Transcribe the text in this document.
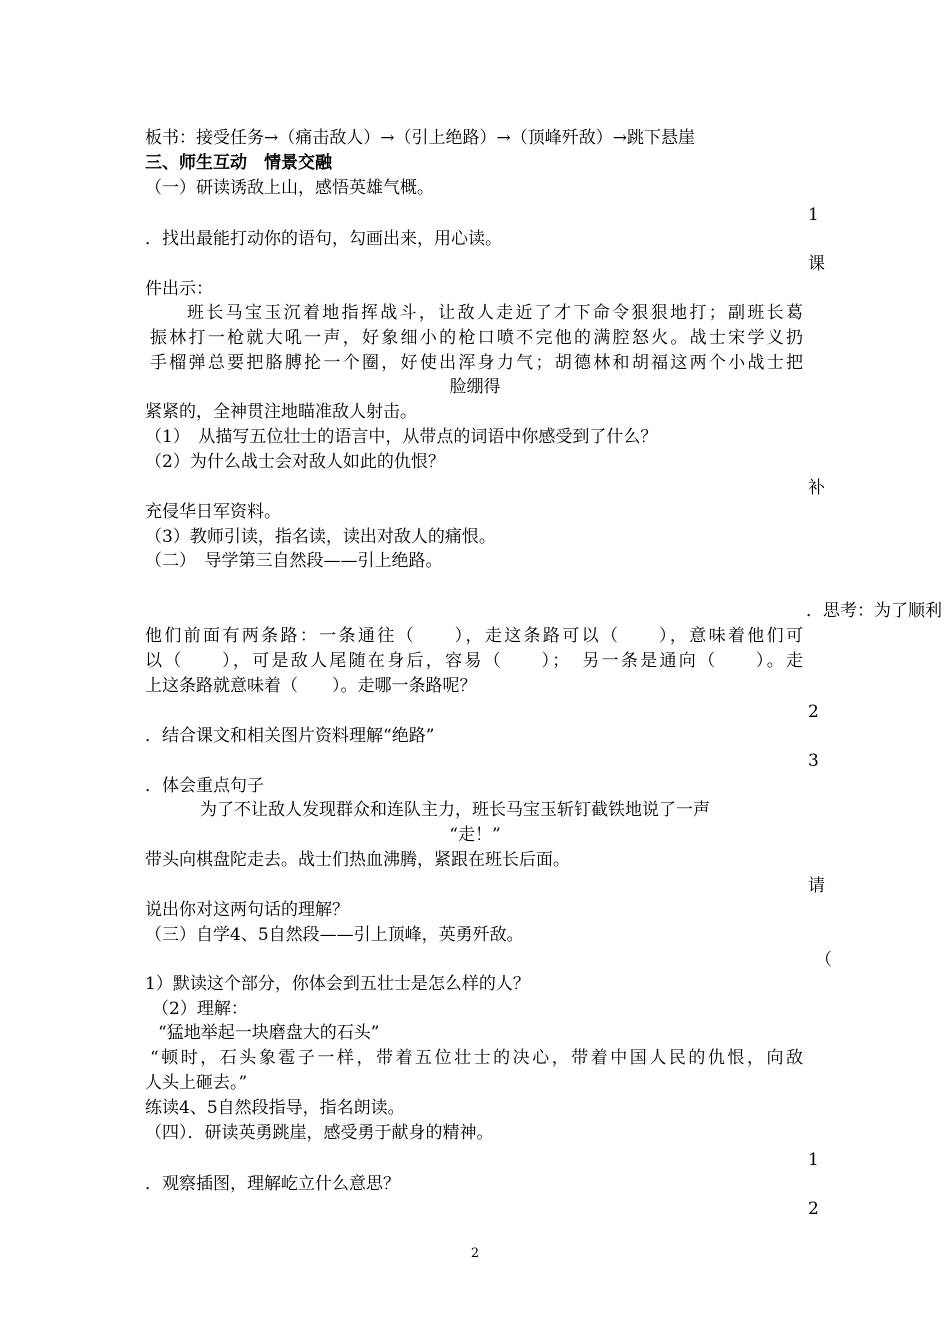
板书：接受任务→（痛击敌人）→（引上绝路）→（顶峰歼敌）→跳下悬崖
三、师生互动　情景交融
（一）研读诱敌上山，感悟英雄气概。
1
．找出最能打动你的语句，勾画出来，用心读。
课
件出示：
班长马宝玉沉着地指挥战斗，让敌人走近了才下命令狠狠地打；副班长葛
振林打一枪就大吼一声，好象细小的枪口喷不完他的满腔怒火。战士宋学义扔
手榴弹总要把胳膊抡一个圈，好使出浑身力气；胡德林和胡福这两个小战士把
脸绷得
紧紧的，全神贯注地瞄准敌人射击。
（1）　从描写五位壮士的语言中，从带点的词语中你感受到了什么？
（2）为什么战士会对敌人如此的仇恨？
补
充侵华日军资料。
（3）教师引读，指名读，读出对敌人的痛恨。
（二）　导学第三自然段——引上绝路。
．思考：为了顺利
他们前面有两条路：一条通往（　　），走这条路可以（　　），意味着他们可
以（　　），可是敌人尾随在身后，容易（　　）；　另一条是通向（　　）。走
上这条路就意味着（　　）。走哪一条路呢？
2
．结合课文和相关图片资料理解“绝路”
3
．体会重点句子
为了不让敌人发现群众和连队主力，班长马宝玉斩钉截铁地说了一声
“走！”
带头向棋盘陀走去。战士们热血沸腾，紧跟在班长后面。
请
说出你对这两句话的理解？
（三）自学4、5自然段——引上顶峰，英勇歼敌。
（
1）默读这个部分，你体会到五壮士是怎么样的人？
（2）理解：
“猛地举起一块磨盘大的石头”
“顿时，石头象雹子一样，带着五位壮士的决心，带着中国人民的仇恨，向敌
人头上砸去。”
练读4、5自然段指导，指名朗读。
（四）．研读英勇跳崖，感受勇于献身的精神。
1
．观察插图，理解屹立什么意思？
2
2
